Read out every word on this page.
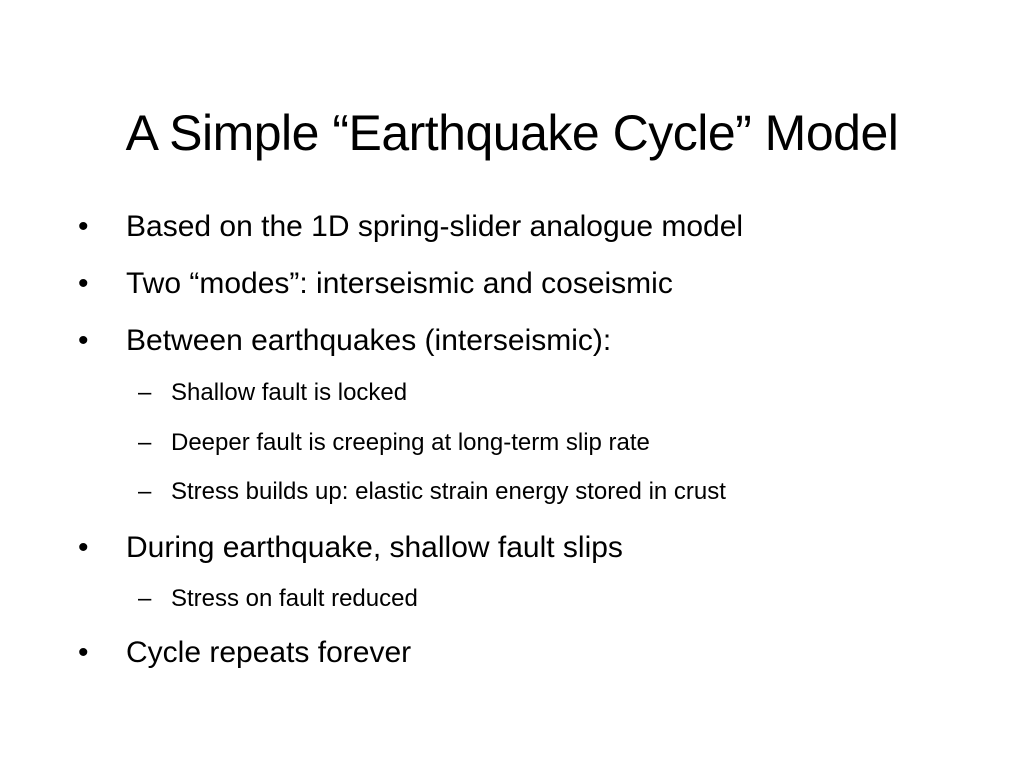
A Simple “Earthquake Cycle” Model
•	Based on the 1D spring-slider analogue model
•	Two “modes”: interseismic and coseismic
•	Between earthquakes (interseismic):
– Shallow fault is locked
– Deeper fault is creeping at long-term slip rate
– Stress builds up: elastic strain energy stored in crust
•	During earthquake, shallow fault slips
– Stress on fault reduced
•	Cycle repeats forever
